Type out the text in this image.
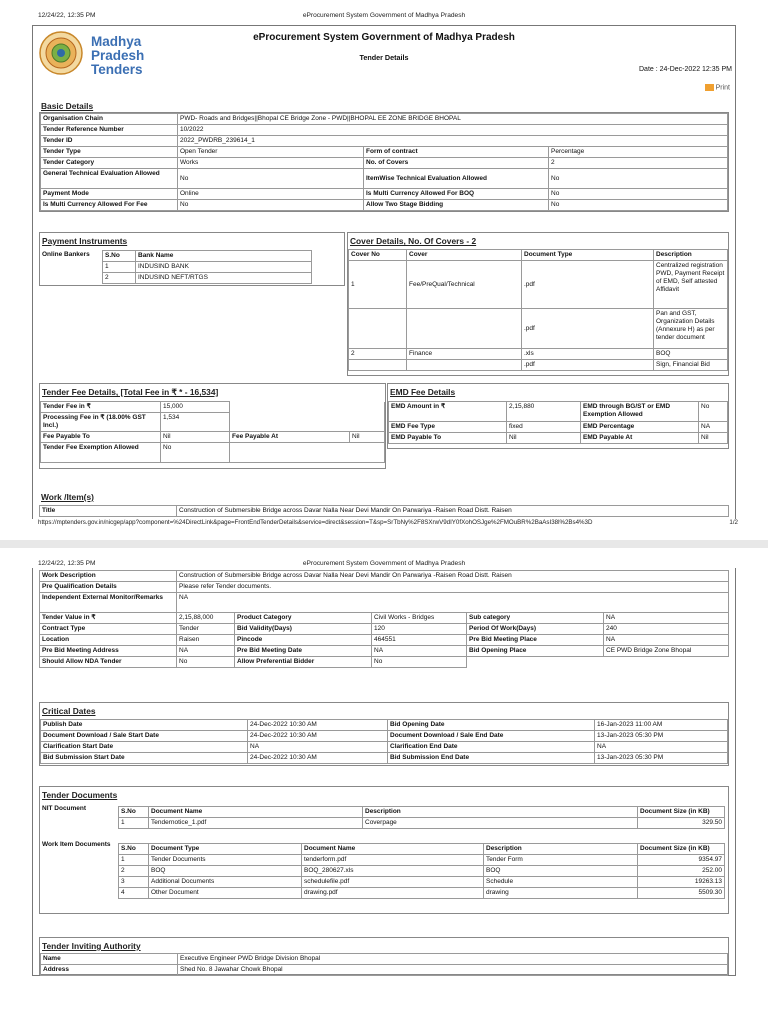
12/24/22, 12:35 PM	eProcurement System Government of Madhya Pradesh
Madhya
Pradesh
Tenders
eProcurement System Government of Madhya Pradesh
Tender Details
Date : 24-Dec-2022 12:35 PM
Print
Basic Details
Organisation Chain	PWD- Roads and Bridges||Bhopal CE Bridge Zone - PWD||BHOPAL EE ZONE BRIDGE BHOPAL		
Tender Reference Number	10/2022		
Tender ID	2022_PWDRB_239614_1		
Tender Type	Open Tender	Form of contract	Percentage
Tender Category	Works	No. of Covers	2
General Technical Evaluation Allowed	No	ItemWise Technical Evaluation Allowed	No
Payment Mode	Online	Is Multi Currency Allowed For BOQ	No
Is Multi Currency Allowed For Fee	No	Allow Two Stage Bidding	No
Payment Instruments
Online Bankers S.No	Bank Name
1	INDUSIND BANK
2	INDUSIND NEFT/RTGS
Cover Details, No. Of Covers - 2
Cover No	Cover	Document Type	Description
1	Fee/PreQual/Technical	.pdf	Centralized registration PWD, Payment Receipt of EMD, Self attested Affidavit
		.pdf	Pan and GST, Organization Details (Annexure H) as per tender document
2	Finance	.xls	BOQ
		.pdf	Sign, Financial Bid
Tender Fee Details, [Total Fee in ₹ * - 16,534]
Tender Fee in ₹	15,000		
Processing Fee in ₹ (18.00% GST Incl.)	1,534		
Fee Payable To	Nil	Fee Payable At	Nil
Tender Fee Exemption Allowed	No		
EMD Fee Details
EMD Amount in ₹	2,15,880	EMD through BG/ST or EMD Exemption Allowed	No
EMD Fee Type	fixed	EMD Percentage	NA
EMD Payable To	Nil	EMD Payable At	Nil
Work /Item(s)
Title	Construction of Submersible Bridge across Davar Nalla Near Devi Mandir On Parwariya -Raisen Road Distt. Raisen
https://mptenders.gov.in/nicgep/app?component=%24DirectLink&page=FrontEndTenderDetails&service=direct&session=T&sp=SrTbNy%2F8SXrwV9dIY0fXohOSJge%2FMOuBR%2BaAsI38l%2Bs4%3D	1/2
12/24/22, 12:35 PM	eProcurement System Government of Madhya Pradesh
Work Description	Construction of Submersible Bridge across Davar Nalla Near Devi Mandir On Parwariya -Raisen Road Distt. Raisen				
Pre Qualification Details	Please refer Tender documents.				
Independent External Monitor/Remarks	NA				
Tender Value in ₹	2,15,88,000	Product Category	Civil Works - Bridges	Sub category	NA
Contract Type	Tender	Bid Validity(Days)	120	Period Of Work(Days)	240
Location	Raisen	Pincode	464551	Pre Bid Meeting Place	NA
Pre Bid Meeting Address	NA	Pre Bid Meeting Date	NA	Bid Opening Place	CE PWD Bridge Zone Bhopal
Should Allow NDA Tender	No	Allow Preferential Bidder	No		
Critical Dates
Publish Date	24-Dec-2022 10:30 AM	Bid Opening Date	16-Jan-2023 11:00 AM
Document Download / Sale Start Date	24-Dec-2022 10:30 AM	Document Download / Sale End Date	13-Jan-2023 05:30 PM
Clarification Start Date	NA	Clarification End Date	NA
Bid Submission Start Date	24-Dec-2022 10:30 AM	Bid Submission End Date	13-Jan-2023 05:30 PM
Tender Documents
NIT Document	S.No	Document Name	Description	Document Size (in KB)
1	Tendernotice_1.pdf	Coverpage	329.50
Work Item Documents
S.No	Document Type	Document Name	Description	Document Size (in KB)
1	Tender Documents	tenderform.pdf	Tender Form	9354.97
2	BOQ	BOQ_280627.xls	BOQ	252.00
3	Additional Documents	schedulefile.pdf	Schedule	19263.13
4	Other Document	drawing.pdf	drawing	5509.30
Tender Inviting Authority
Name	Executive Engineer PWD Bridge Division Bhopal
Address	Shed No. 8 Jawahar Chowk Bhopal
